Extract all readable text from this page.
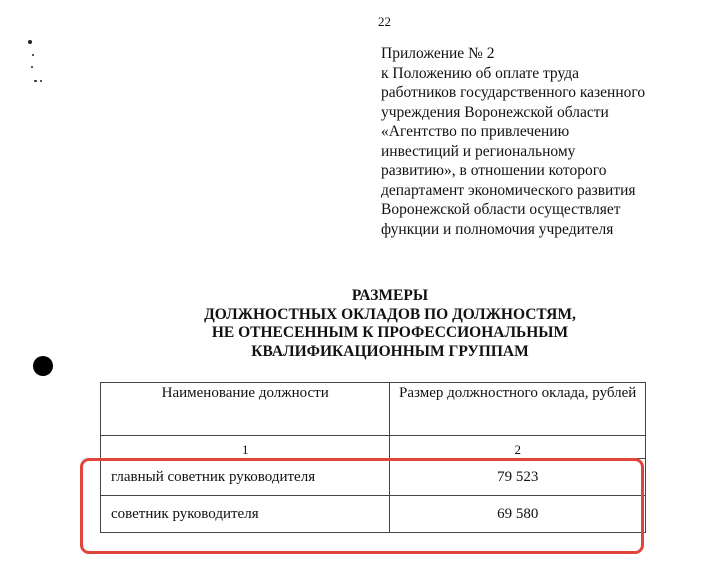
22
Приложение № 2
к Положению об оплате труда
работников государственного казенного
учреждения Воронежской области
«Агентство по привлечению
инвестиций и региональному
развитию», в отношении которого
департамент экономического развития
Воронежской области осуществляет
функции и полномочия учредителя
РАЗМЕРЫ
ДОЛЖНОСТНЫХ ОКЛАДОВ ПО ДОЛЖНОСТЯМ,
НЕ ОТНЕСЕННЫМ К ПРОФЕССИОНАЛЬНЫМ
КВАЛИФИКАЦИОННЫМ ГРУППАМ
Наименование должности	Размер должностного оклада, рублей
1	2
главный советник руководителя	79 523
советник руководителя	69 580
